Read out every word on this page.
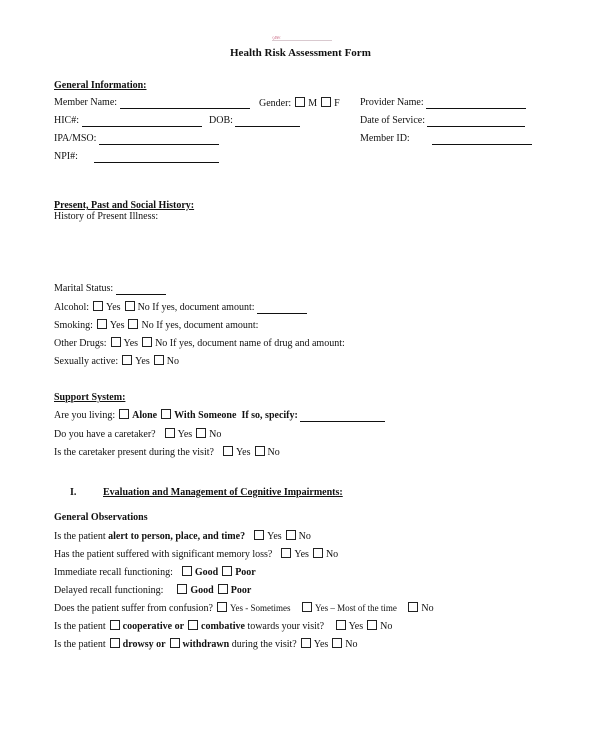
ᶜ/ᵖᵖᶜ
Health Risk Assessment Form
General Information:
Member Name:	Gender: M F Provider Name:
HIC#:	DOB:	Date of Service:
IPA/MSO:	Member ID:
NPI#:
Present, Past and Social History:
History of Present Illness:
Marital Status:
Alcohol: Yes No If yes, document amount:
Smoking: Yes No If yes, document amount:
Other Drugs: Yes No If yes, document name of drug and amount:
Sexually active: Yes No
Support System:
Are you living: Alone With Someone If so, specify:
Do you have a caretaker? Yes No
Is the caretaker present during the visit? Yes No
I.	Evaluation and Management of Cognitive Impairments:
General Observations
Is the patient alert to person, place, and time? Yes No
Has the patient suffered with significant memory loss? Yes No
Immediate recall functioning: Good Poor
Delayed recall functioning:	Good Poor
Does the patient suffer from confusion? Yes - Sometimes	Yes – Most of the time No
Is the patient cooperative or combative towards your visit? Yes No
Is the patient drowsy or withdrawn during the visit? Yes No
